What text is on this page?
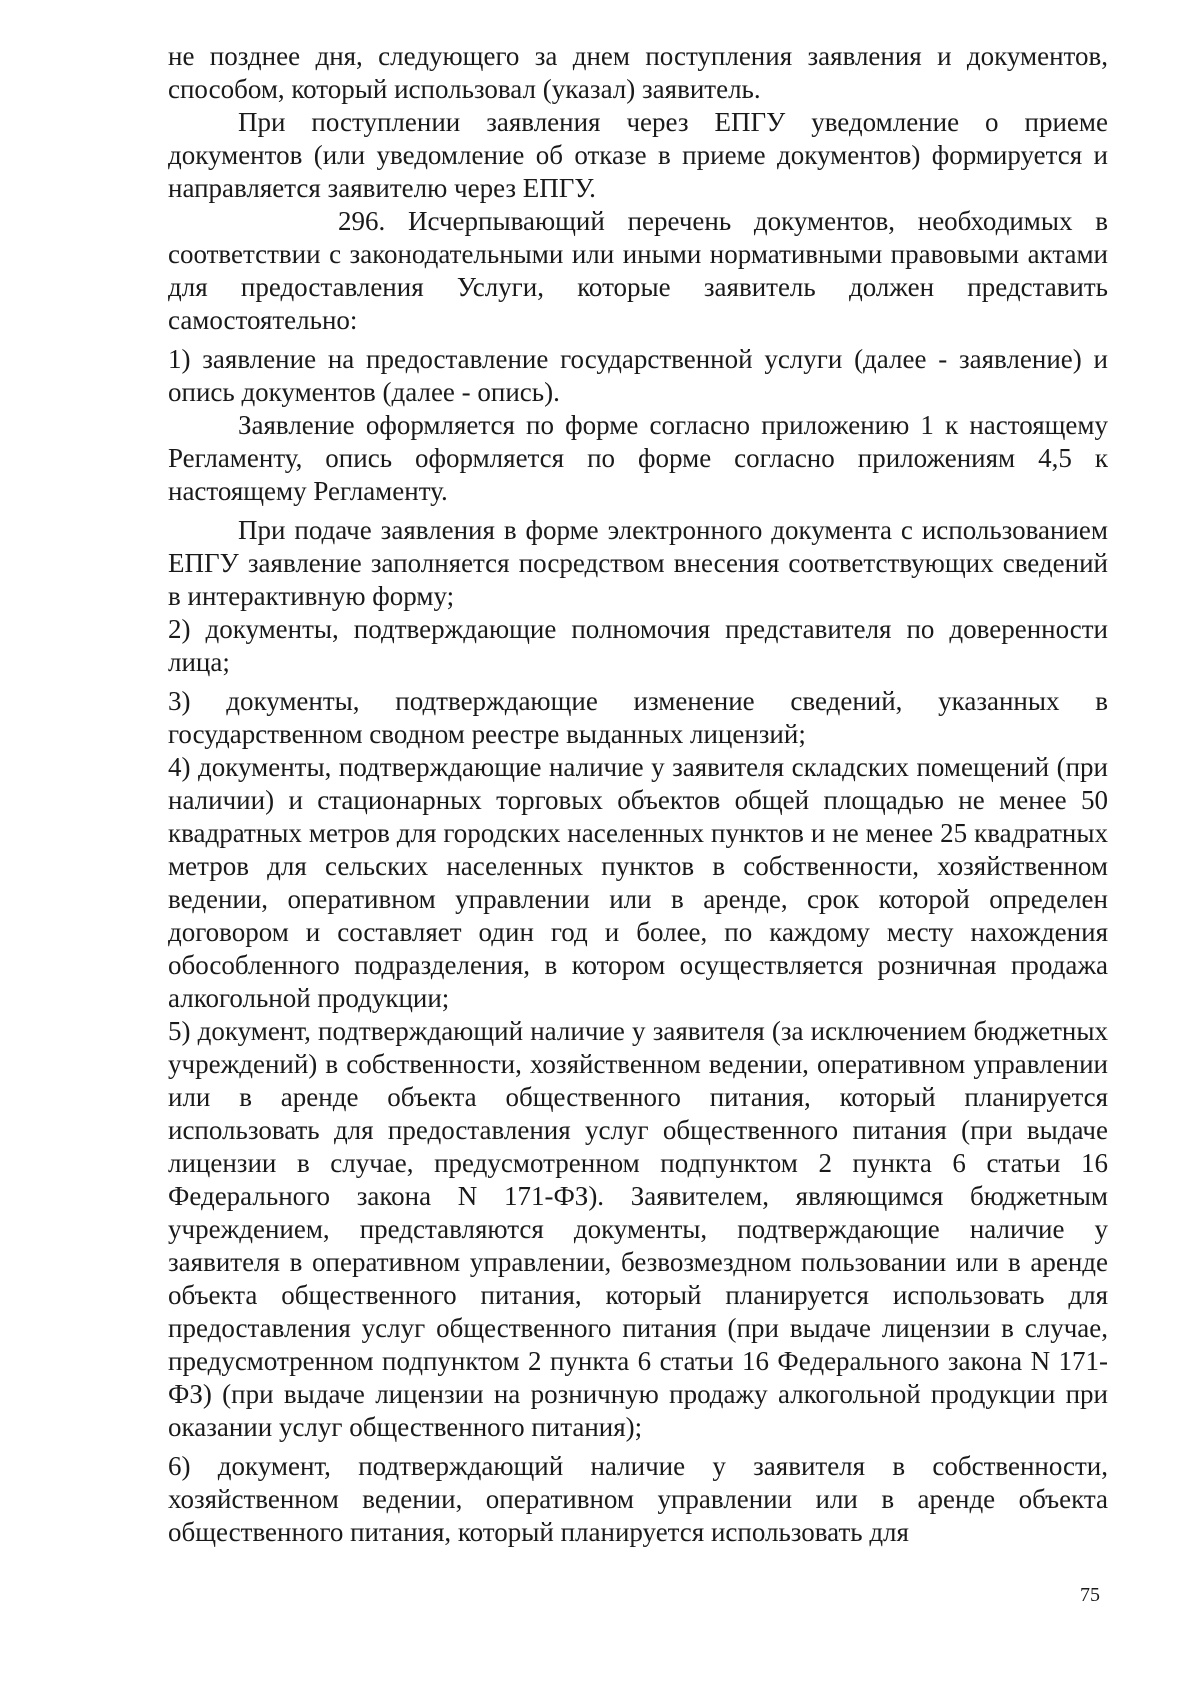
не позднее дня, следующего за днем поступления заявления и документов, способом, который использовал (указал) заявитель.

При поступлении заявления через ЕПГУ уведомление о приеме документов (или уведомление об отказе в приеме документов) формируется и направляется заявителю через ЕПГУ.

296. Исчерпывающий перечень документов, необходимых в соответствии с законодательными или иными нормативными правовыми актами для предоставления Услуги, которые заявитель должен представить самостоятельно:

1) заявление на предоставление государственной услуги (далее - заявление) и опись документов (далее - опись).

Заявление оформляется по форме согласно приложению 1 к настоящему Регламенту, опись оформляется по форме согласно приложениям 4,5 к настоящему Регламенту.

При подаче заявления в форме электронного документа с использованием ЕПГУ заявление заполняется посредством внесения соответствующих сведений в интерактивную форму;

2) документы, подтверждающие полномочия представителя по доверенности лица;

3) документы, подтверждающие изменение сведений, указанных в государственном сводном реестре выданных лицензий;

4) документы, подтверждающие наличие у заявителя складских помещений (при наличии) и стационарных торговых объектов общей площадью не менее 50 квадратных метров для городских населенных пунктов и не менее 25 квадратных метров для сельских населенных пунктов в собственности, хозяйственном ведении, оперативном управлении или в аренде, срок которой определен договором и составляет один год и более, по каждому месту нахождения обособленного подразделения, в котором осуществляется розничная продажа алкогольной продукции;

5) документ, подтверждающий наличие у заявителя (за исключением бюджетных учреждений) в собственности, хозяйственном ведении, оперативном управлении или в аренде объекта общественного питания, который планируется использовать для предоставления услуг общественного питания (при выдаче лицензии в случае, предусмотренном подпунктом 2 пункта 6 статьи 16 Федерального закона N 171-ФЗ). Заявителем, являющимся бюджетным учреждением, представляются документы, подтверждающие наличие у заявителя в оперативном управлении, безвозмездном пользовании или в аренде объекта общественного питания, который планируется использовать для предоставления услуг общественного питания (при выдаче лицензии в случае, предусмотренном подпунктом 2 пункта 6 статьи 16 Федерального закона N 171-ФЗ) (при выдаче лицензии на розничную продажу алкогольной продукции при оказании услуг общественного питания);

6) документ, подтверждающий наличие у заявителя в собственности, хозяйственном ведении, оперативном управлении или в аренде объекта общественного питания, который планируется использовать для

75
